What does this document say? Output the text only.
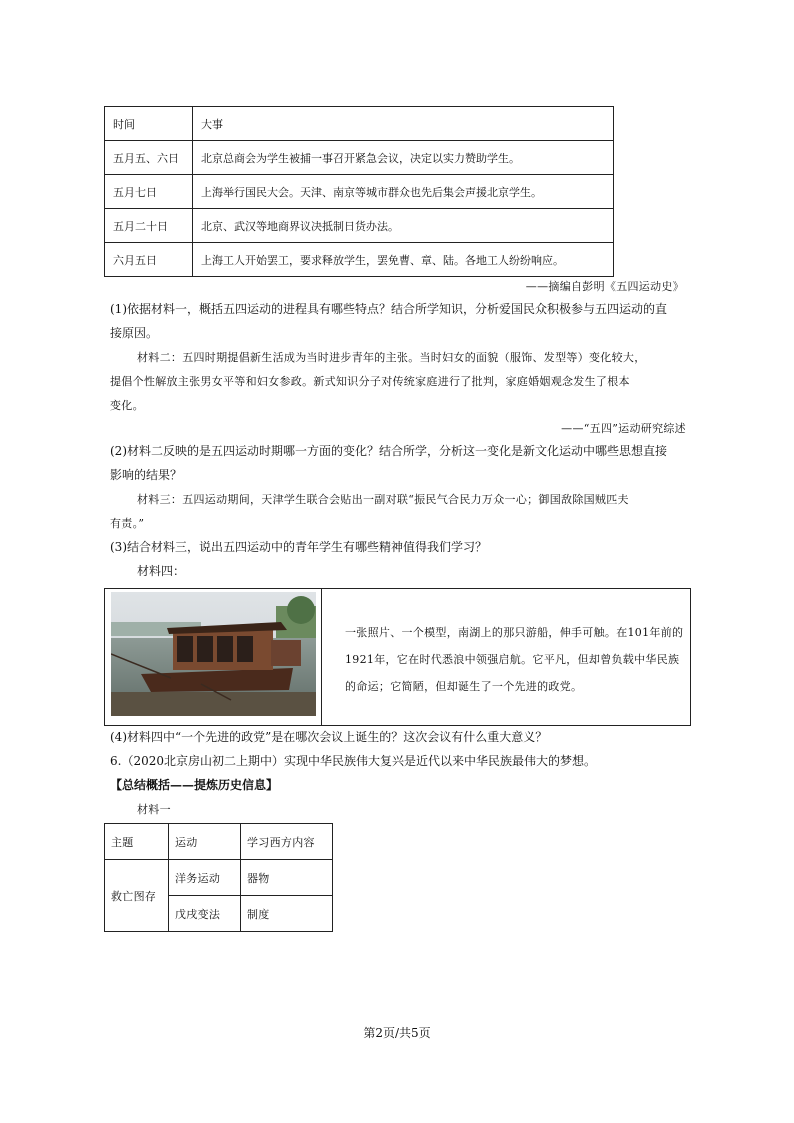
时间	大事
五月五、六日	北京总商会为学生被捕一事召开紧急会议，决定以实力赞助学生。
五月七日	上海举行国民大会。天津、南京等城市群众也先后集会声援北京学生。
五月二十日	北京、武汉等地商界议决抵制日货办法。
六月五日	上海工人开始罢工，要求释放学生，罢免曹、章、陆。各地工人纷纷响应。
——摘编自彭明《五四运动史》
(1)依据材料一，概括五四运动的进程具有哪些特点？结合所学知识，分析爱国民众积极参与五四运动的直
接原因。
材料二：五四时期提倡新生活成为当时进步青年的主张。当时妇女的面貌（服饰、发型等）变化较大，
提倡个性解放主张男女平等和妇女参政。新式知识分子对传统家庭进行了批判，家庭婚姻观念发生了根本
变化。
——“五四”运动研究综述
(2)材料二反映的是五四运动时期哪一方面的变化？结合所学，分析这一变化是新文化运动中哪些思想直接
影响的结果？
材料三：五四运动期间，天津学生联合会贴出一副对联“振民气合民力万众一心；御国敌除国贼匹夫
有责。”
(3)结合材料三，说出五四运动中的青年学生有哪些精神值得我们学习？
材料四：
一张照片、一个模型，南湖上的那只游船，伸手可触。在101年前的1921年，它在时代悉浪中领强启航。它平凡，但却曾负载中华民族的命运；它简陋，但却诞生了一个先进的政党。
(4)材料四中“一个先进的政党”是在哪次会议上诞生的？这次会议有什么重大意义？
6.（2020北京房山初二上期中）实现中华民族伟大复兴是近代以来中华民族最伟大的梦想。
【总结概括——提炼历史信息】
材料一
主题	运动	学习西方内容
救亡图存	洋务运动	器物
	戊戌变法	制度
第2页/共5页
